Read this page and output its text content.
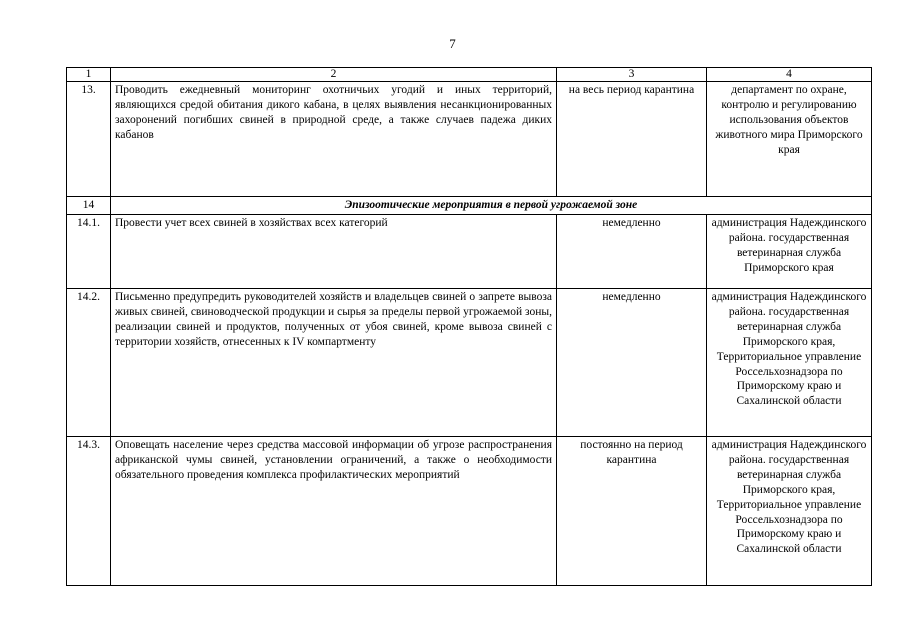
7
1	2	3	4
13.	Проводить ежедневный мониторинг охотничьих угодий и иных территорий, являющихся средой обитания дикого кабана, в целях выявления несанкционированных захоронений погибших свиней в природной среде, а также случаев падежа диких кабанов	на весь период карантина	департамент по охране, контролю и регулированию использования объектов животного мира Приморского края
14	Эпизоотические мероприятия в первой угрожаемой зоне		
14.1.	Провести учет всех свиней в хозяйствах всех категорий	немедленно	администрация Надеждинского района. государственная ветеринарная служба Приморского края
14.2.	Письменно предупредить руководителей хозяйств и владельцев свиней о запрете вывоза живых свиней, свиноводческой продукции и сырья за пределы первой угрожаемой зоны, реализации свиней и продуктов, полученных от убоя свиней, кроме вывоза свиней с территории хозяйств, отнесенных к IV компартменту	немедленно	администрация Надеждинского района. государственная ветеринарная служба Приморского края, Территориальное управление Россельхознадзора по Приморскому краю и Сахалинской области
14.3.	Оповещать население через средства массовой информации об угрозе распространения африканской чумы свиней, установлении ограничений, а также о необходимости обязательного проведения комплекса профилактических мероприятий	постоянно на период карантина	администрация Надеждинского района. государственная ветеринарная служба Приморского края, Территориальное управление Россельхознадзора по Приморскому краю и Сахалинской области
